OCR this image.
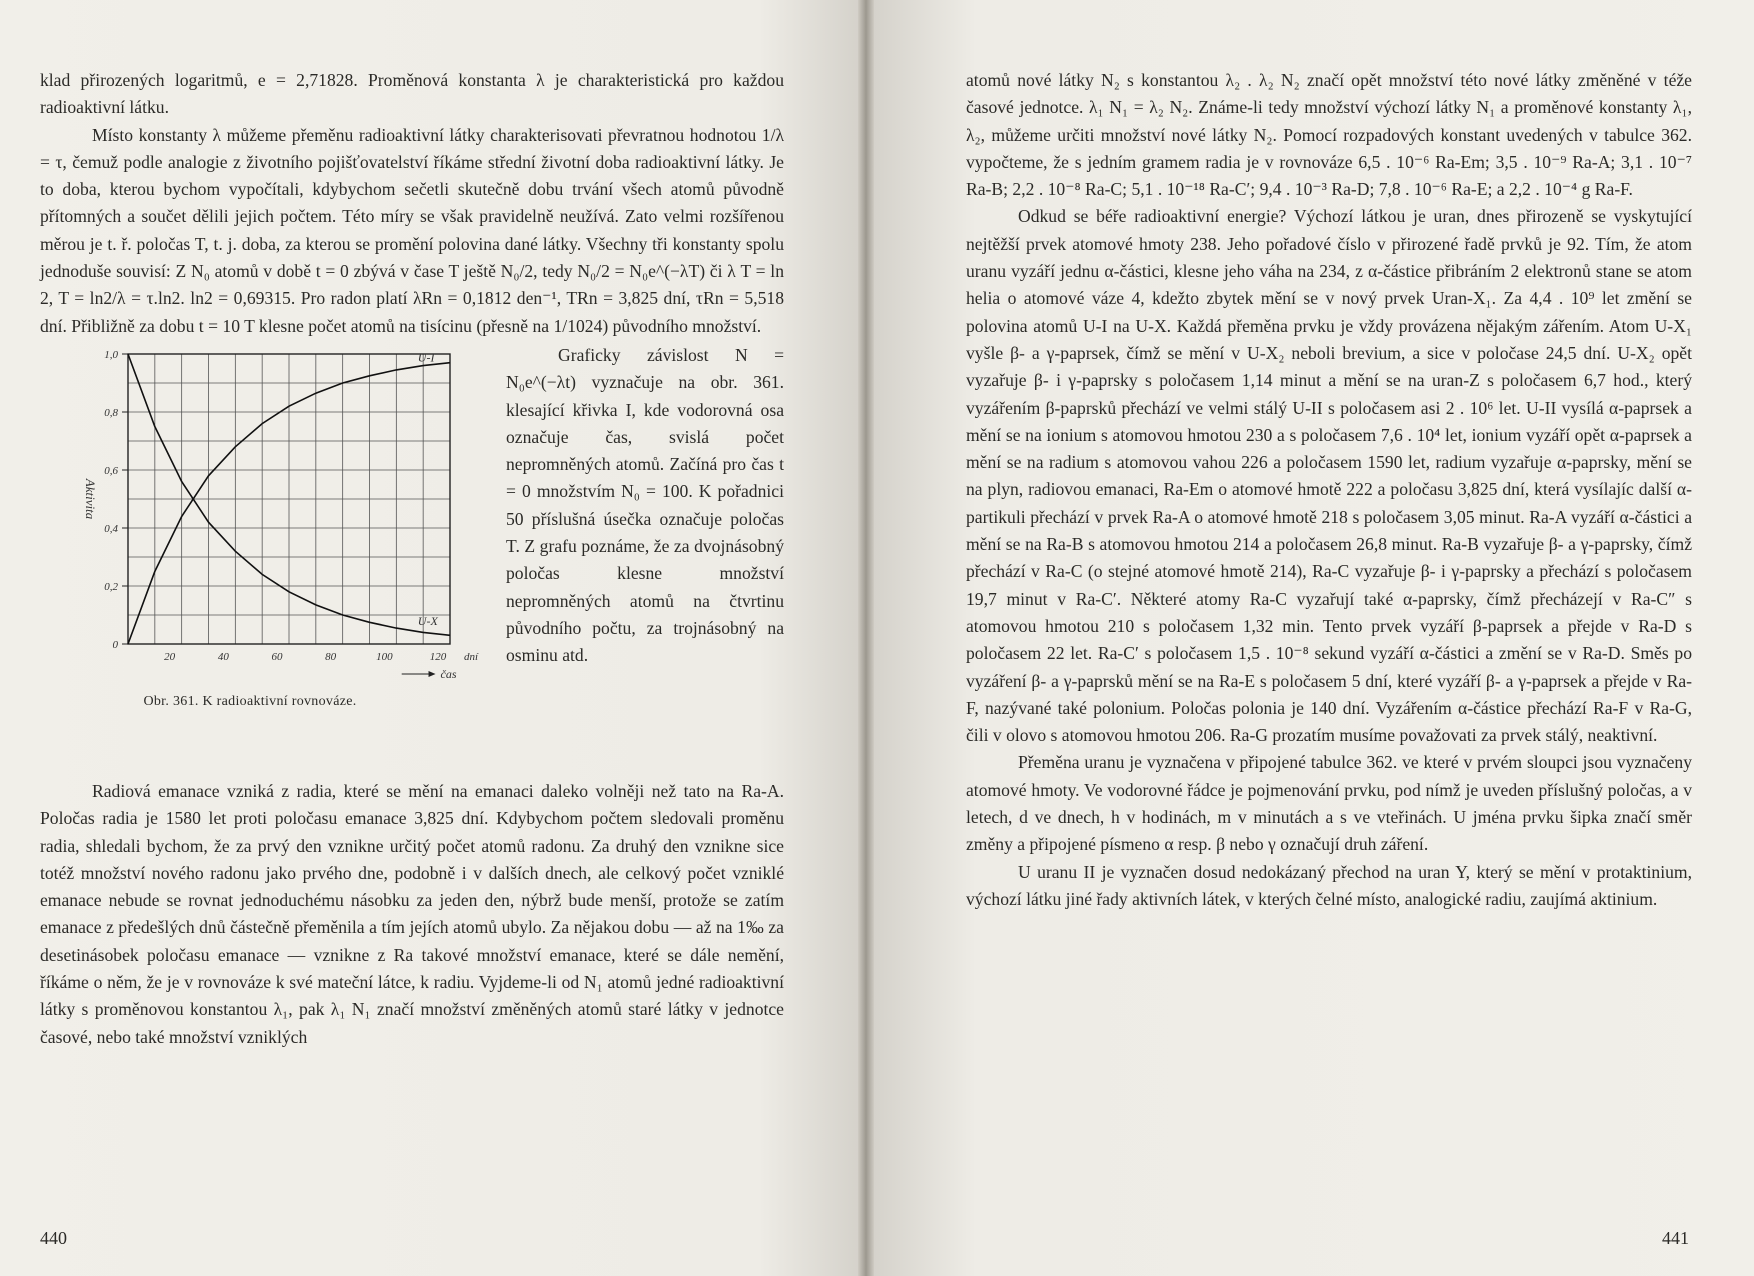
klad přirozených logaritmů, e = 2,71828. Proměnová konstanta λ je charakteristická pro každou radioaktivní látku.

Místo konstanty λ můžeme přeměnu radioaktivní látky charakterisovati převratnou hodnotou 1/λ = τ, čemuž podle analogie z životního pojišťovatelství říkáme střední životní doba radioaktivní látky. Je to doba, kterou bychom vypočítali, kdybychom sečetli skutečně dobu trvání všech atomů původně přítomných a součet dělili jejich počtem. Této míry se však pravidelně neužívá. Zato velmi rozšířenou měrou je t. ř. poločas T, t. j. doba, za kterou se promění polovina dané látky. Všechny tři konstanty spolu jednoduše souvisí: Z N₀ atomů v době t = 0 zbývá v čase T ještě N₀/2, tedy N₀/2 = N₀e^(−λT) či λ T = ln 2, T = ln2/λ = τ.ln2. ln2 = 0,69315. Pro radon platí λRn = 0,1812 den⁻¹, TRn = 3,825 dní, τRn = 5,518 dní. Přibližně za dobu t = 10 T klesne počet atomů na tisícinu (přesně na 1/1024) původního množství.

0
0,2
0,4
0,6
0,8
1,0
20	40	60	80	100	120 dní
čas
Aktivita
U-I
U-X
Obr. 361. K radioaktivní rovnováze.

Graficky závislost N = N₀e^(−λt) vyznačuje na obr. 361. klesající křivka I, kde vodorovná osa označuje čas, svislá počet nepromněných atomů. Začíná pro čas t = 0 množstvím N₀ = 100. K pořadnici 50 příslušná úsečka označuje poločas T. Z grafu poznáme, že za dvojnásobný poločas klesne množství nepromněných atomů na čtvrtinu původního počtu, za trojnásobný na osminu atd.

Radiová emanace vzniká z radia, které se mění na emanaci daleko volněji než tato na Ra-A. Poločas radia je 1580 let proti poločasu emanace 3,825 dní. Kdybychom počtem sledovali proměnu radia, shledali bychom, že za prvý den vznikne určitý počet atomů radonu. Za druhý den vznikne sice totéž množství nového radonu jako prvého dne, podobně i v dalších dnech, ale celkový počet vzniklé emanace nebude se rovnat jednoduchému násobku za jeden den, nýbrž bude menší, protože se zatím emanace z předešlých dnů částečně přeměnila a tím jejích atomů ubylo. Za nějakou dobu — až na 1‰ za desetinásobek poločasu emanace — vznikne z Ra takové množství emanace, které se dále nemění, říkáme o něm, že je v rovnováze k své mateční látce, k radiu. Vyjdeme-li od N₁ atomů jedné radioaktivní látky s proměnovou konstantou λ₁, pak λ₁ N₁ značí množství změněných atomů staré látky v jednotce časové, nebo také množství vzniklých

440

atomů nové látky N₂ s konstantou λ₂ . λ₂ N₂ značí opět množství této nové látky změněné v téže časové jednotce. λ₁ N₁ = λ₂ N₂. Známe-li tedy množství výchozí látky N₁ a proměnové konstanty λ₁, λ₂, můžeme určiti množství nové látky N₂. Pomocí rozpadových konstant uvedených v tabulce 362. vypočteme, že s jedním gramem radia je v rovnováze 6,5 . 10⁻⁶ Ra-Em; 3,5 . 10⁻⁹ Ra-A; 3,1 . 10⁻⁷ Ra-B; 2,2 . 10⁻⁸ Ra-C; 5,1 . 10⁻¹⁸ Ra-C′; 9,4 . 10⁻³ Ra-D; 7,8 . 10⁻⁶ Ra-E; a 2,2 . 10⁻⁴ g Ra-F.

Odkud se béře radioaktivní energie? Výchozí látkou je uran, dnes přirozeně se vyskytující nejtěžší prvek atomové hmoty 238. Jeho pořadové číslo v přirozené řadě prvků je 92. Tím, že atom uranu vyzáří jednu α-částici, klesne jeho váha na 234, z α-částice přibráním 2 elektronů stane se atom helia o atomové váze 4, kdežto zbytek mění se v nový prvek Uran-X₁. Za 4,4 . 10⁹ let změní se polovina atomů U-I na U-X. Každá přeměna prvku je vždy provázena nějakým zářením. Atom U-X₁ vyšle β- a γ-paprsek, čímž se mění v U-X₂ neboli brevium, a sice v poločase 24,5 dní. U-X₂ opět vyzařuje β- i γ-paprsky s poločasem 1,14 minut a mění se na uran-Z s poločasem 6,7 hod., který vyzářením β-paprsků přechází ve velmi stálý U-II s poločasem asi 2 . 10⁶ let. U-II vysílá α-paprsek a mění se na ionium s atomovou hmotou 230 a s poločasem 7,6 . 10⁴ let, ionium vyzáří opět α-paprsek a mění se na radium s atomovou vahou 226 a poločasem 1590 let, radium vyzařuje α-paprsky, mění se na plyn, radiovou emanaci, Ra-Em o atomové hmotě 222 a poločasu 3,825 dní, která vysílajíc další α-partikuli přechází v prvek Ra-A o atomové hmotě 218 s poločasem 3,05 minut. Ra-A vyzáří α-částici a mění se na Ra-B s atomovou hmotou 214 a poločasem 26,8 minut. Ra-B vyzařuje β- a γ-paprsky, čímž přechází v Ra-C (o stejné atomové hmotě 214), Ra-C vyzařuje β- i γ-paprsky a přechází s poločasem 19,7 minut v Ra-C′. Některé atomy Ra-C vyzařují také α-paprsky, čímž přecházejí v Ra-C″ s atomovou hmotou 210 s poločasem 1,32 min. Tento prvek vyzáří β-paprsek a přejde v Ra-D s poločasem 22 let. Ra-C′ s poločasem 1,5 . 10⁻⁸ sekund vyzáří α-částici a změní se v Ra-D. Směs po vyzáření β- a γ-paprsků mění se na Ra-E s poločasem 5 dní, které vyzáří β- a γ-paprsek a přejde v Ra-F, nazývané také polonium. Poločas polonia je 140 dní. Vyzářením α-částice přechází Ra-F v Ra-G, čili v olovo s atomovou hmotou 206. Ra-G prozatím musíme považovati za prvek stálý, neaktivní.

Přeměna uranu je vyznačena v připojené tabulce 362. ve které v prvém sloupci jsou vyznačeny atomové hmoty. Ve vodorovné řádce je pojmenování prvku, pod nímž je uveden příslušný poločas, a v letech, d ve dnech, h v hodinách, m v minutách a s ve vteřinách. U jména prvku šipka značí směr změny a připojené písmeno α resp. β nebo γ označují druh záření.

U uranu II je vyznačen dosud nedokázaný přechod na uran Y, který se mění v protaktinium, výchozí látku jiné řady aktivních látek, v kterých čelné místo, analogické radiu, zaujímá aktinium.

441
